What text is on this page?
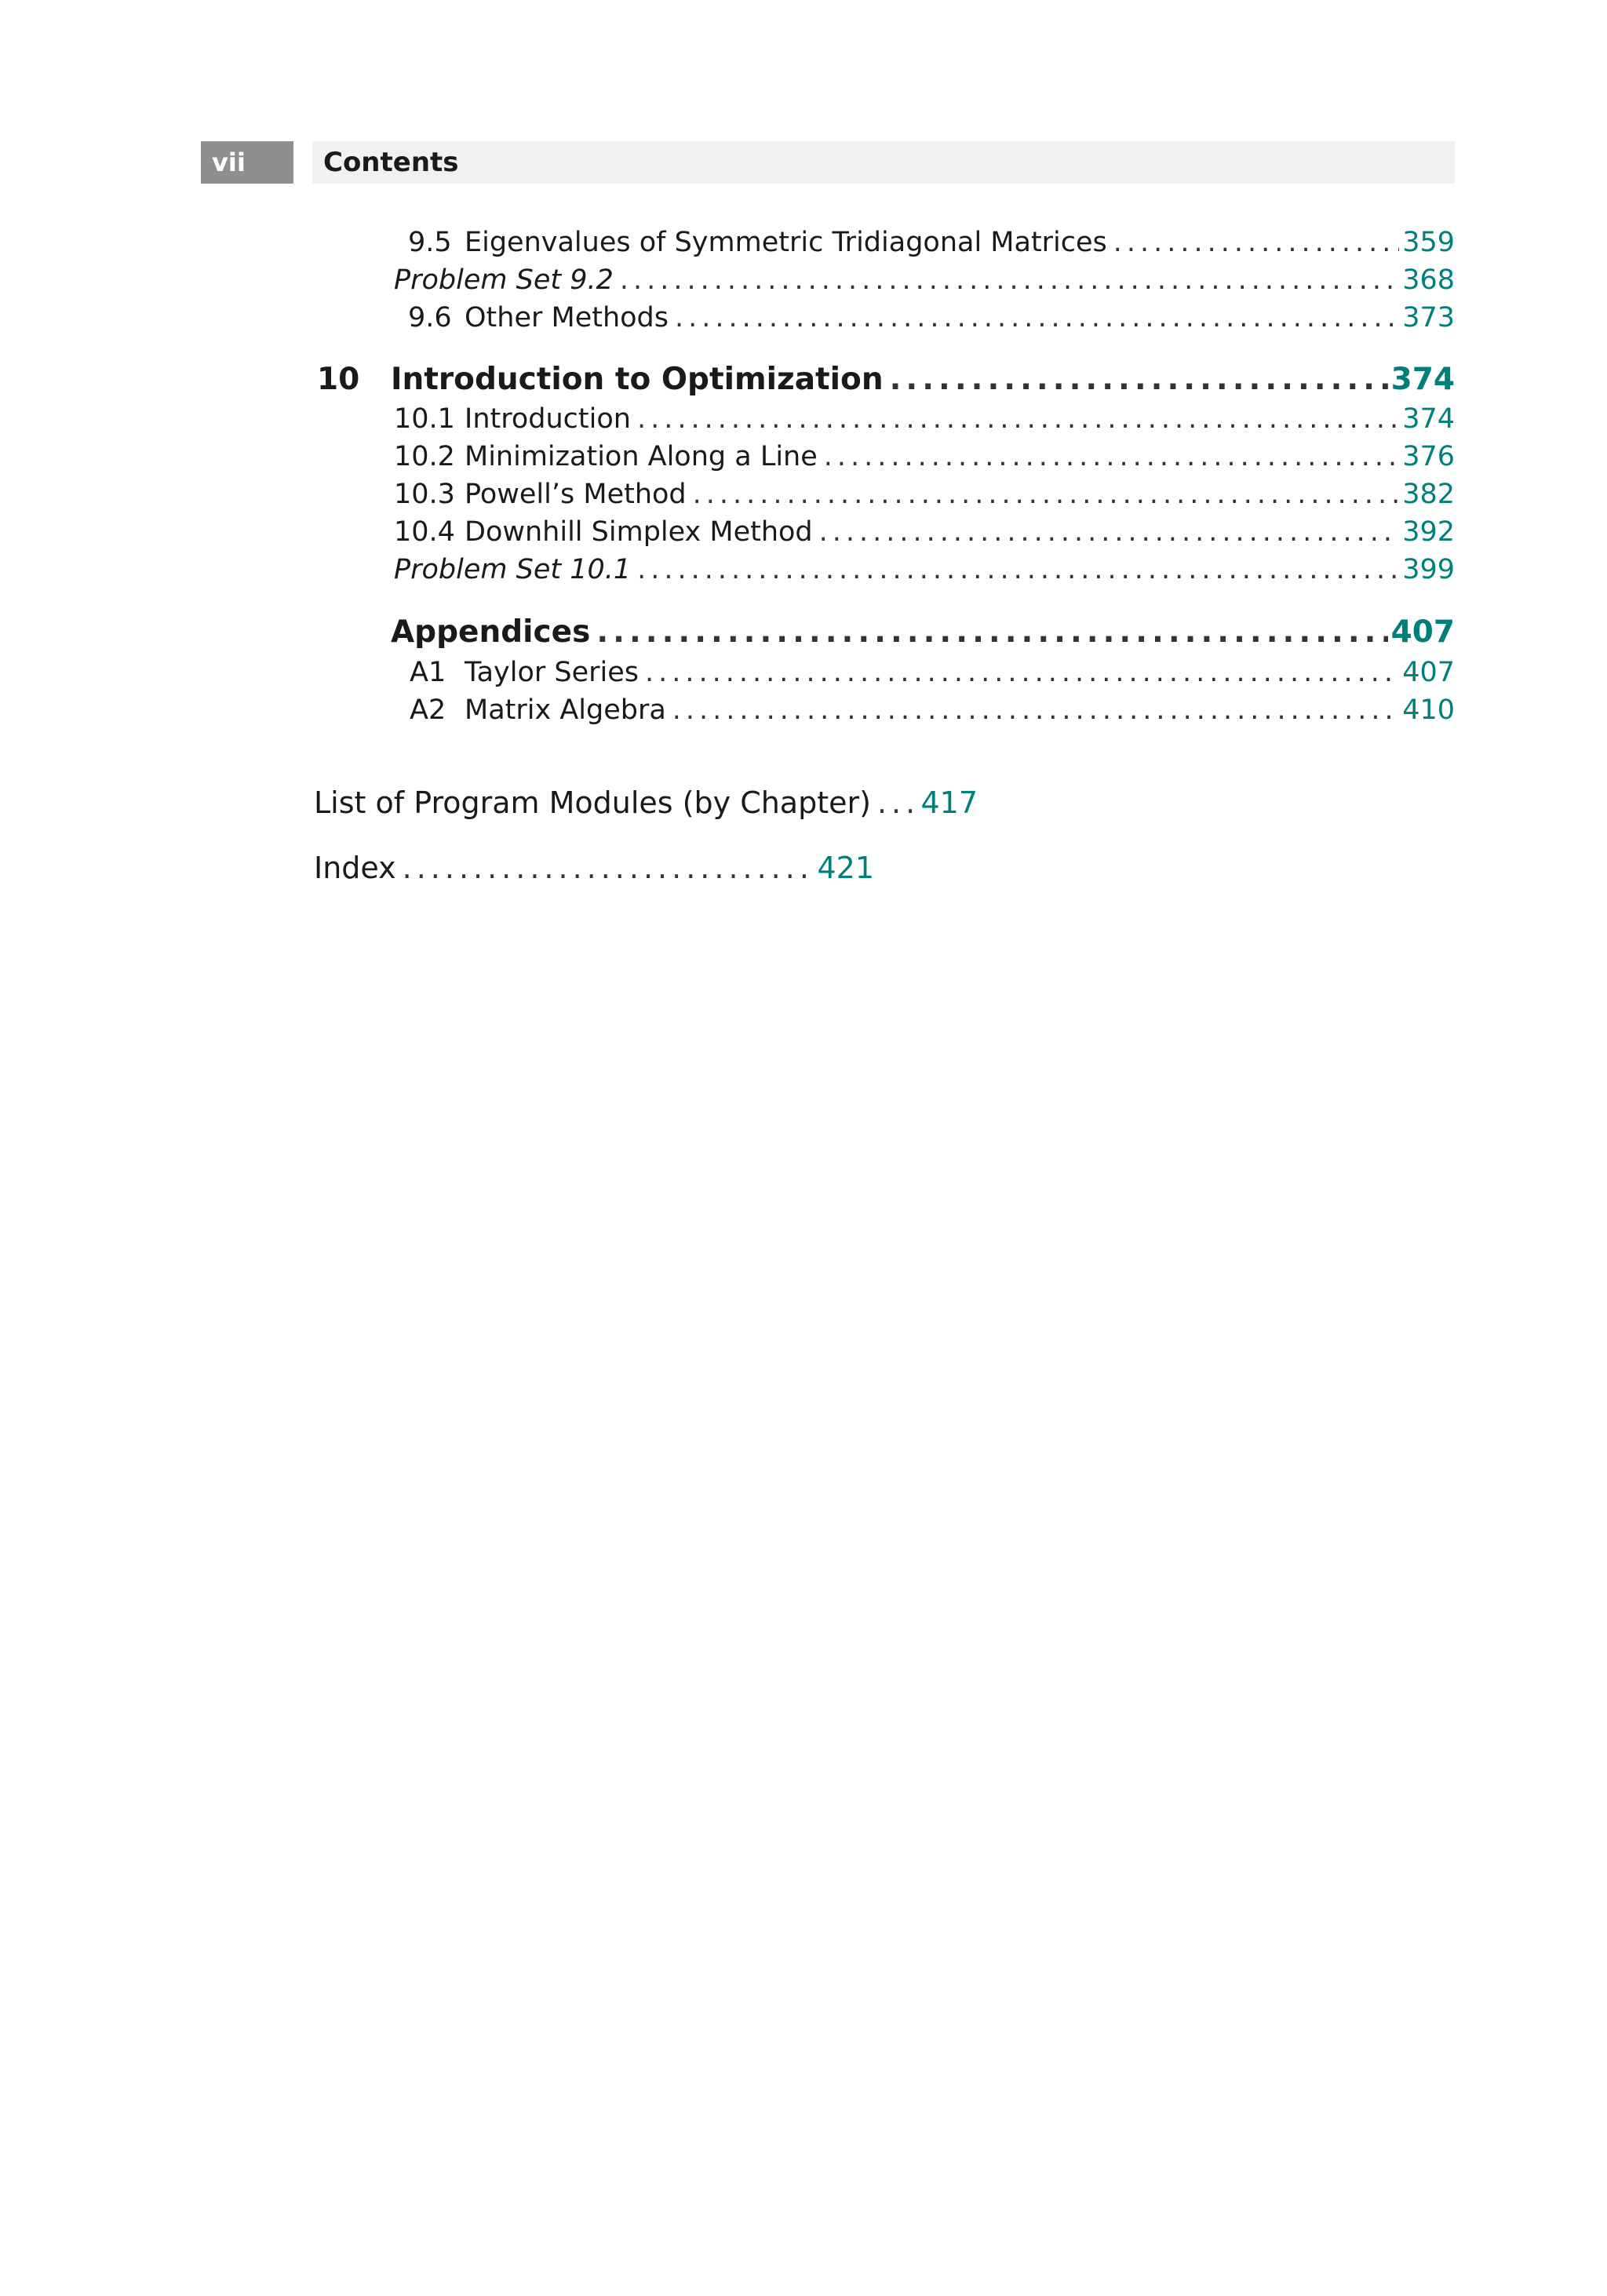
vii	Contents
9.5 Eigenvalues of Symmetric Tridiagonal Matrices .....	359
Problem Set 9.2 .....	368
9.6 Other Methods .....	373
10	Introduction to Optimization .....	374
10.1 Introduction .....	374
10.2 Minimization Along a Line .....	376
10.3 Powell’s Method .....	382
10.4 Downhill Simplex Method .....	392
Problem Set 10.1 .....	399
Appendices .....	407
A1 Taylor Series .....	407
A2 Matrix Algebra .....	410
List of Program Modules (by Chapter) ..... 417
Index .....	421
